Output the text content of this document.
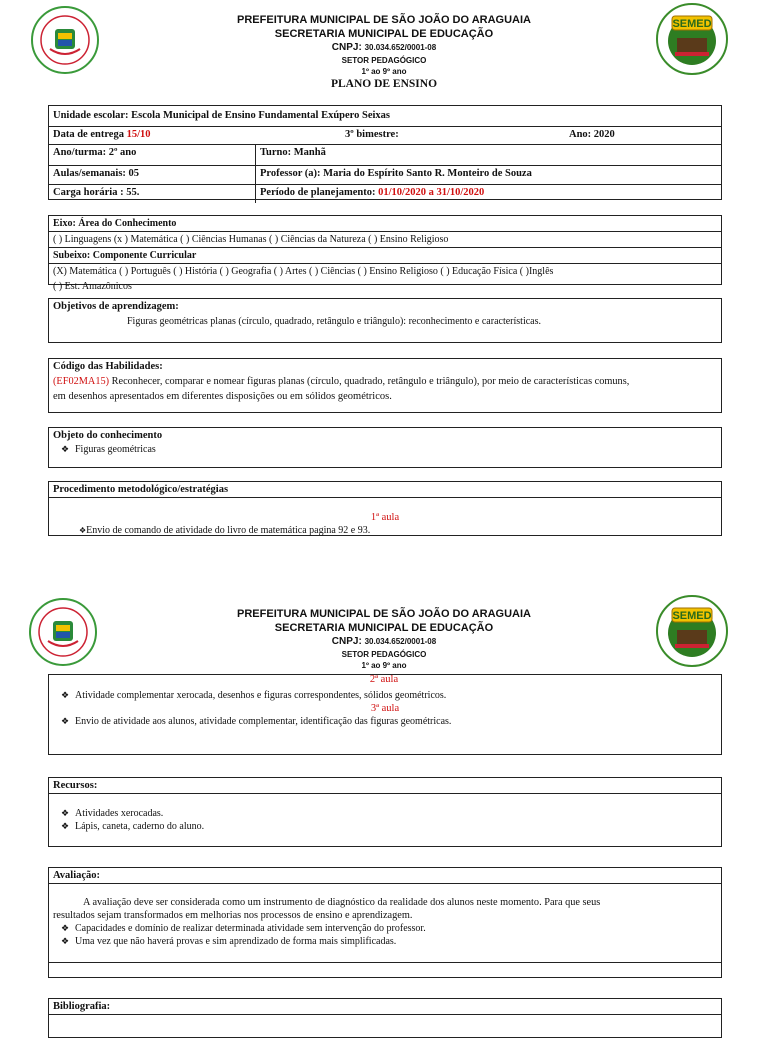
SEMED
PREFEITURA MUNICIPAL DE SÃO JOÃO DO ARAGUAIA
SECRETARIA MUNICIPAL DE EDUCAÇÃO
CNPJ: 30.034.652/0001-08
SETOR PEDAGÓGICO
1º ao 9º ano
PLANO DE ENSINO
Unidade escolar: Escola Municipal de Ensino Fundamental Exúpero Seixas
Data de entrega 15/10	3º bimestre:	Ano: 2020
Ano/turma: 2º ano	Turno: Manhã
Aulas/semanais: 05	Professor (a): Maria do Espírito Santo R. Monteiro de Souza
Carga horária : 55.	Período de planejamento: 01/10/2020 a 31/10/2020
Eixo: Área do Conhecimento
( ) Linguagens (x ) Matemática ( ) Ciências Humanas ( ) Ciências da Natureza ( ) Ensino Religioso
Subeixo: Componente Curricular
(X) Matemática ( ) Português ( ) História ( ) Geografia ( ) Artes ( ) Ciências ( ) Ensino Religioso ( ) Educação Física ( )Inglês
( ) Est. Amazônicos
Objetivos de aprendizagem:
Figuras geométricas planas (círculo, quadrado, retângulo e triângulo): reconhecimento e características.
Código das Habilidades:
(EF02MA15) Reconhecer, comparar e nomear figuras planas (círculo, quadrado, retângulo e triângulo), por meio de características comuns,
em desenhos apresentados em diferentes disposições ou em sólidos geométricos.
Objeto do conhecimento
❖ Figuras geométricas
Procedimento metodológico/estratégias
1ª aula
❖Envio de comando de atividade do livro de matemática pagina 92 e 93.
SEMED
PREFEITURA MUNICIPAL DE SÃO JOÃO DO ARAGUAIA
SECRETARIA MUNICIPAL DE EDUCAÇÃO
CNPJ: 30.034.652/0001-08
SETOR PEDAGÓGICO
1º ao 9º ano
2ª aula
❖ Atividade complementar xerocada, desenhos e figuras correspondentes, sólidos geométricos.
3ª aula
❖ Envio de atividade aos alunos, atividade complementar, identificação das figuras geométricas.
Recursos:
❖ Atividades xerocadas.
❖ Lápis, caneta, caderno do aluno.
Avaliação:
A avaliação deve ser considerada como um instrumento de diagnóstico da realidade dos alunos neste momento. Para que seus
resultados sejam transformados em melhorias nos processos de ensino e aprendizagem.
❖ Capacidades e domínio de realizar determinada atividade sem intervenção do professor.
❖ Uma vez que não haverá provas e sim aprendizado de forma mais simplificadas.
Bibliografia:
